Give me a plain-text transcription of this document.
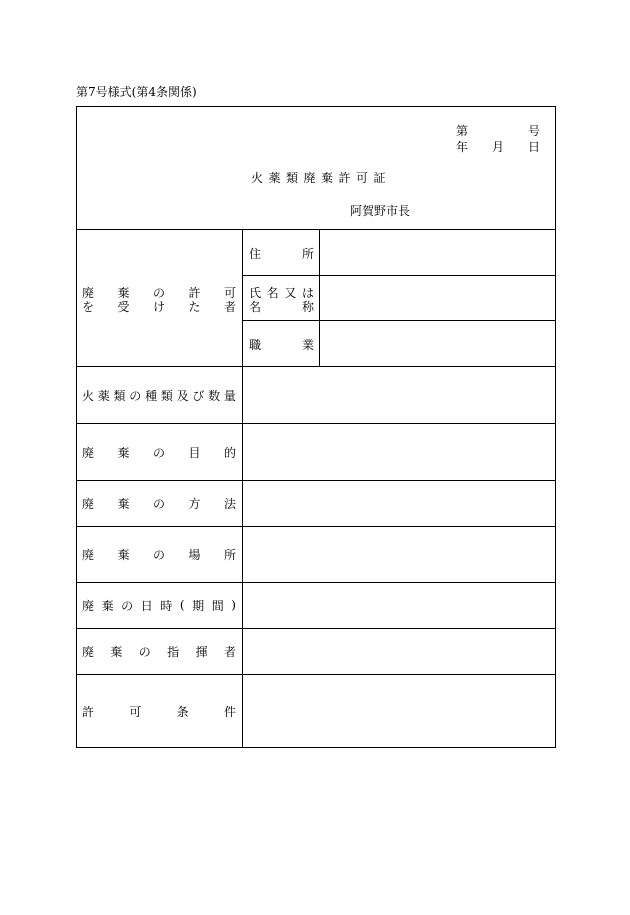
第7号様式(第4条関係)
第	号
年 月 日
火薬類廃棄許可証
阿賀野市長
廃 棄 の 許 可
を 受 け た 者
住	所
氏 名 又 は
名	称
職	業
火 薬 類 の 種 類 及 び 数 量
廃 棄 の 目 的
廃 棄 の 方 法
廃 棄 の 場 所
廃 棄 の 日 時 ( 期 間 )
廃 棄 の 指 揮 者
許	可	条	件
